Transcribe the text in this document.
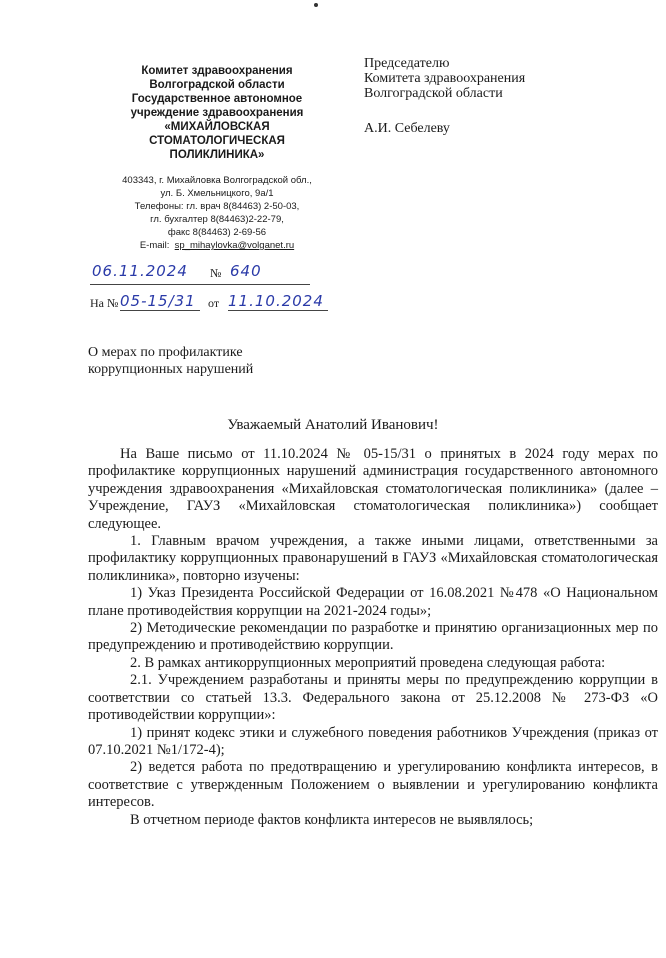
Комитет здравоохранения
Волгоградской области
Государственное автономное
учреждение здравоохранения
«МИХАЙЛОВСКАЯ
СТОМАТОЛОГИЧЕСКАЯ
ПОЛИКЛИНИКА»
403343, г. Михайловка Волгоградской обл.,
ул. Б. Хмельницкого, 9а/1
Телефоны: гл. врач 8(84463) 2-50-03,
гл. бухгалтер 8(84463)2-22-79,
факс 8(84463) 2-69-56
E-mail: sp_mihaylovka@volganet.ru
Председателю
Комитета здравоохранения
Волгоградской области
А.И. Себелеву
06.11.2024 № 640
На № 05-15/31	от 11.10.2024
О мерах по профилактике
коррупционных нарушений
Уважаемый Анатолий Иванович!

На Ваше письмо от 11.10.2024 № 05-15/31 о принятых в 2024 году мерах по профилактике коррупционных нарушений администрация государственного автономного учреждения здравоохранения «Михайловская стоматологическая поликлиника» (далее – Учреждение, ГАУЗ «Михайловская стоматологическая поликлиника») сообщает следующее.

1. Главным врачом учреждения, а также иными лицами, ответственными за профилактику коррупционных правонарушений в ГАУЗ «Михайловская стоматологическая поликлиника», повторно изучены:

1) Указ Президента Российской Федерации от 16.08.2021 №478 «О Национальном плане противодействия коррупции на 2021-2024 годы»;

2) Методические рекомендации по разработке и принятию организационных мер по предупреждению и противодействию коррупции.

2. В рамках антикоррупционных мероприятий проведена следующая работа:

2.1. Учреждением разработаны и приняты меры по предупреждению коррупции в соответствии со статьей 13.3. Федерального закона от 25.12.2008 № 273-ФЗ «О противодействии коррупции»:

1) принят кодекс этики и служебного поведения работников Учреждения (приказ от 07.10.2021 №1/172-4);

2) ведется работа по предотвращению и урегулированию конфликта интересов, в соответствие с утвержденным Положением о выявлении и урегулированию конфликта интересов.

В отчетном периоде фактов конфликта интересов не выявлялось;
